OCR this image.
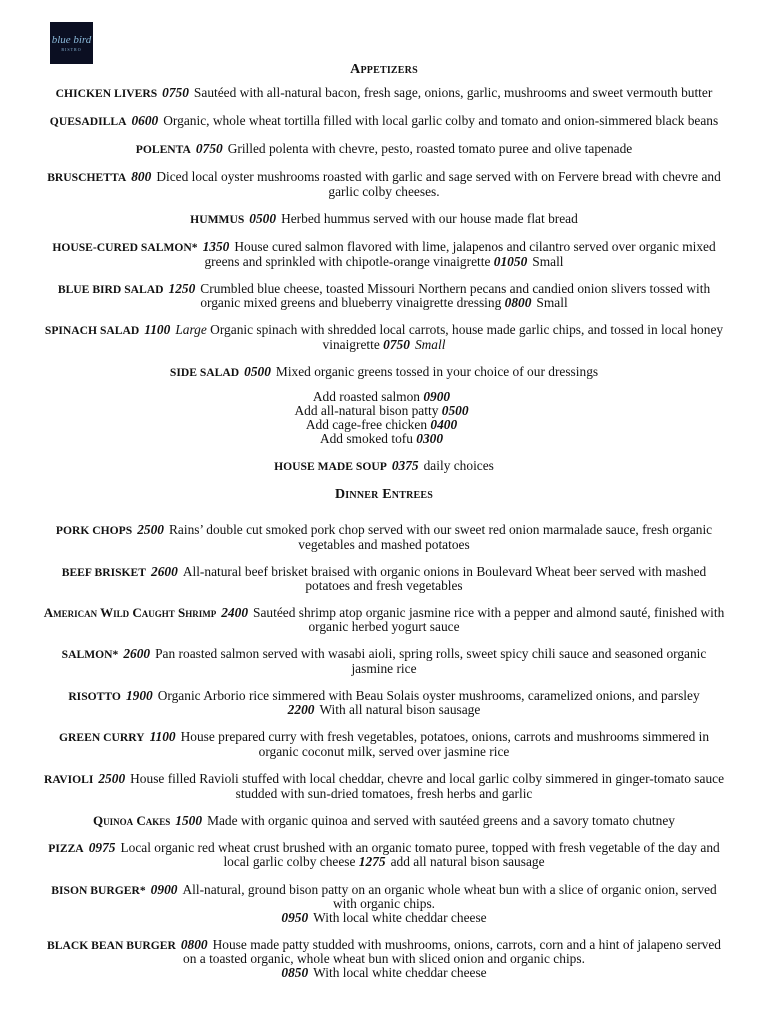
blue bird
BISTRO
Appetizers
CHICKEN LIVERS 0750 Sautéed with all-natural bacon, fresh sage, onions, garlic, mushrooms and sweet vermouth butter
QUESADILLA 0600 Organic, whole wheat tortilla filled with local garlic colby and tomato and onion-simmered black beans
POLENTA 0750 Grilled polenta with chevre, pesto, roasted tomato puree and olive tapenade
BRUSCHETTA 800 Diced local oyster mushrooms roasted with garlic and sage served with on Fervere bread with chevre and garlic colby cheeses.
HUMMUS 0500 Herbed hummus served with our house made flat bread
HOUSE-CURED SALMON* 1350 House cured salmon flavored with lime, jalapenos and cilantro served over organic mixed greens and sprinkled with chipotle-orange vinaigrette 01050 Small
BLUE BIRD SALAD 1250 Crumbled blue cheese, toasted Missouri Northern pecans and candied onion slivers tossed with organic mixed greens and blueberry vinaigrette dressing 0800 Small
SPINACH SALAD 1100 Large Organic spinach with shredded local carrots, house made garlic chips, and tossed in local honey vinaigrette 0750 Small
SIDE SALAD 0500 Mixed organic greens tossed in your choice of our dressings
Add roasted salmon 0900
Add all-natural bison patty 0500
Add cage-free chicken 0400
Add smoked tofu 0300
HOUSE MADE SOUP 0375 daily choices
Dinner Entrees
PORK CHOPS 2500 Rains’ double cut smoked pork chop served with our sweet red onion marmalade sauce, fresh organic vegetables and mashed potatoes
BEEF BRISKET 2600 All-natural beef brisket braised with organic onions in Boulevard Wheat beer served with mashed potatoes and fresh vegetables
American Wild Caught Shrimp 2400 Sautéed shrimp atop organic jasmine rice with a pepper and almond sauté, finished with organic herbed yogurt sauce
SALMON* 2600 Pan roasted salmon served with wasabi aioli, spring rolls, sweet spicy chili sauce and seasoned organic jasmine rice
RISOTTO 1900 Organic Arborio rice simmered with Beau Solais oyster mushrooms, caramelized onions, and parsley
2200 With all natural bison sausage
GREEN CURRY 1100 House prepared curry with fresh vegetables, potatoes, onions, carrots and mushrooms simmered in organic coconut milk, served over jasmine rice
RAVIOLI 2500 House filled Ravioli stuffed with local cheddar, chevre and local garlic colby simmered in ginger-tomato sauce studded with sun-dried tomatoes, fresh herbs and garlic
Quinoa Cakes 1500 Made with organic quinoa and served with sautéed greens and a savory tomato chutney
PIZZA 0975 Local organic red wheat crust brushed with an organic tomato puree, topped with fresh vegetable of the day and local garlic colby cheese 1275 add all natural bison sausage
BISON BURGER* 0900 All-natural, ground bison patty on an organic whole wheat bun with a slice of organic onion, served with organic chips.
0950 With local white cheddar cheese
BLACK BEAN BURGER 0800 House made patty studded with mushrooms, onions, carrots, corn and a hint of jalapeno served on a toasted organic, whole wheat bun with sliced onion and organic chips.
0850 With local white cheddar cheese
